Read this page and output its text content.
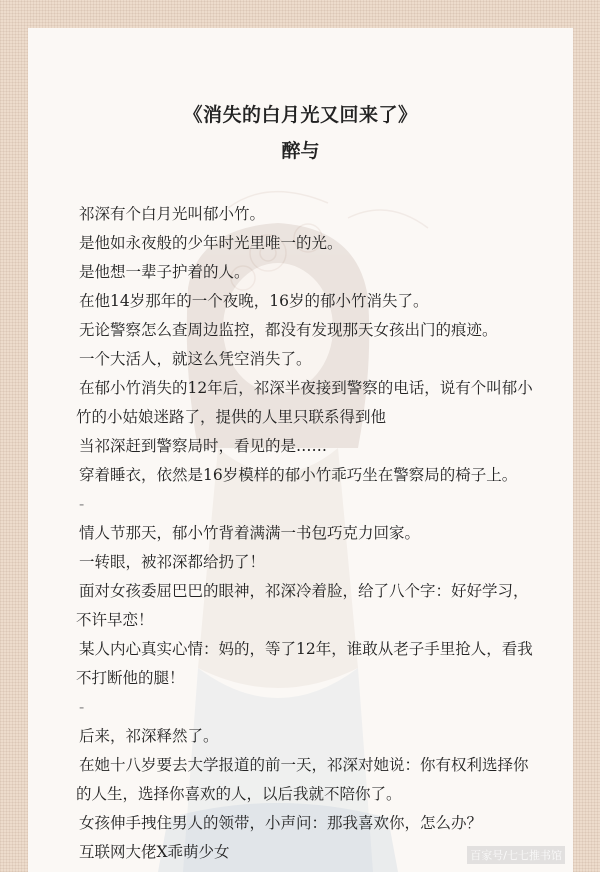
《消失的白月光又回来了》
醉与
祁深有个白月光叫郁小竹。
是他如永夜般的少年时光里唯一的光。
是他想一辈子护着的人。
在他14岁那年的一个夜晚，16岁的郁小竹消失了。
无论警察怎么查周边监控，都没有发现那天女孩出门的痕迹。
一个大活人，就这么凭空消失了。
在郁小竹消失的12年后，祁深半夜接到警察的电话，说有个叫郁小
竹的小姑娘迷路了，提供的人里只联系得到他
当祁深赶到警察局时，看见的是……
穿着睡衣，依然是16岁模样的郁小竹乖巧坐在警察局的椅子上。
-
情人节那天，郁小竹背着满满一书包巧克力回家。
一转眼，被祁深都给扔了！
面对女孩委屈巴巴的眼神，祁深冷着脸，给了八个字：好好学习，
不许早恋！
某人内心真实心情：妈的，等了12年，谁敢从老子手里抢人，看我
不打断他的腿！
-
后来，祁深释然了。
在她十八岁要去大学报道的前一天，祁深对她说：你有权利选择你
的人生，选择你喜欢的人，以后我就不陪你了。
女孩伸手拽住男人的领带，小声问：那我喜欢你，怎么办？
互联网大佬X乖萌少女	百家号/七七推书馆
